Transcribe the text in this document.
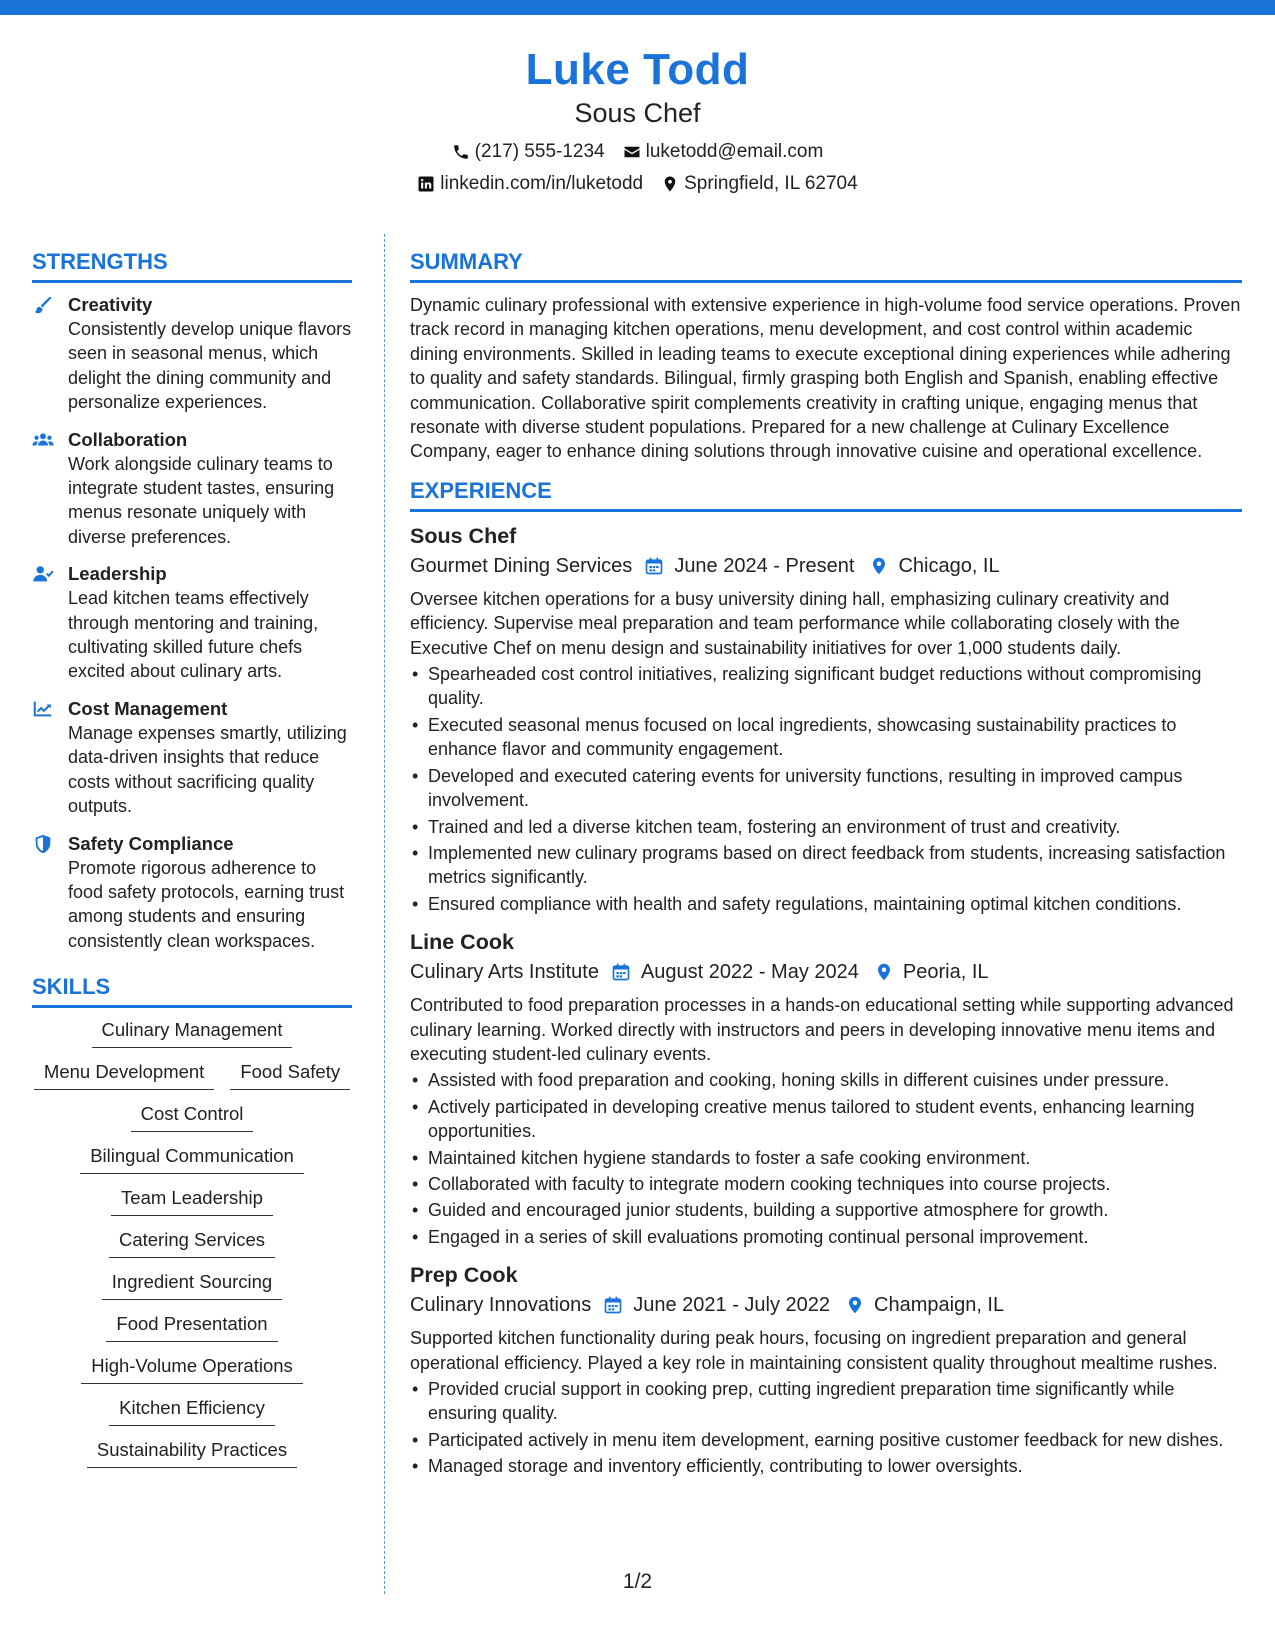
Luke Todd
Sous Chef
(217) 555-1234 luketodd@email.com
linkedin.com/in/luketodd Springfield, IL 62704
STRENGTHS
Creativity
Consistently develop unique flavors seen in seasonal menus, which delight the dining community and personalize experiences.
Collaboration
Work alongside culinary teams to integrate student tastes, ensuring menus resonate uniquely with diverse preferences.
Leadership
Lead kitchen teams effectively through mentoring and training, cultivating skilled future chefs excited about culinary arts.
Cost Management
Manage expenses smartly, utilizing data-driven insights that reduce costs without sacrificing quality outputs.
Safety Compliance
Promote rigorous adherence to food safety protocols, earning trust among students and ensuring consistently clean workspaces.
SKILLS
Culinary Management
Menu Development	Food Safety
Cost Control
Bilingual Communication
Team Leadership
Catering Services
Ingredient Sourcing
Food Presentation
High-Volume Operations
Kitchen Efficiency
Sustainability Practices
SUMMARY
Dynamic culinary professional with extensive experience in high-volume food service operations. Proven track record in managing kitchen operations, menu development, and cost control within academic dining environments. Skilled in leading teams to execute exceptional dining experiences while adhering to quality and safety standards. Bilingual, firmly grasping both English and Spanish, enabling effective communication. Collaborative spirit complements creativity in crafting unique, engaging menus that resonate with diverse student populations. Prepared for a new challenge at Culinary Excellence Company, eager to enhance dining solutions through innovative cuisine and operational excellence.
EXPERIENCE
Sous Chef
Gourmet Dining Services June 2024 - Present Chicago, IL
Oversee kitchen operations for a busy university dining hall, emphasizing culinary creativity and efficiency. Supervise meal preparation and team performance while collaborating closely with the Executive Chef on menu design and sustainability initiatives for over 1,000 students daily.
• Spearheaded cost control initiatives, realizing significant budget reductions without compromising quality.
• Executed seasonal menus focused on local ingredients, showcasing sustainability practices to enhance flavor and community engagement.
• Developed and executed catering events for university functions, resulting in improved campus involvement.
• Trained and led a diverse kitchen team, fostering an environment of trust and creativity.
• Implemented new culinary programs based on direct feedback from students, increasing satisfaction metrics significantly.
• Ensured compliance with health and safety regulations, maintaining optimal kitchen conditions.
Line Cook
Culinary Arts Institute August 2022 - May 2024 Peoria, IL
Contributed to food preparation processes in a hands-on educational setting while supporting advanced culinary learning. Worked directly with instructors and peers in developing innovative menu items and executing student-led culinary events.
• Assisted with food preparation and cooking, honing skills in different cuisines under pressure.
• Actively participated in developing creative menus tailored to student events, enhancing learning opportunities.
• Maintained kitchen hygiene standards to foster a safe cooking environment.
• Collaborated with faculty to integrate modern cooking techniques into course projects.
• Guided and encouraged junior students, building a supportive atmosphere for growth.
• Engaged in a series of skill evaluations promoting continual personal improvement.
Prep Cook
Culinary Innovations June 2021 - July 2022 Champaign, IL
Supported kitchen functionality during peak hours, focusing on ingredient preparation and general operational efficiency. Played a key role in maintaining consistent quality throughout mealtime rushes.
• Provided crucial support in cooking prep, cutting ingredient preparation time significantly while ensuring quality.
• Participated actively in menu item development, earning positive customer feedback for new dishes.
• Managed storage and inventory efficiently, contributing to lower oversights.
1/2
